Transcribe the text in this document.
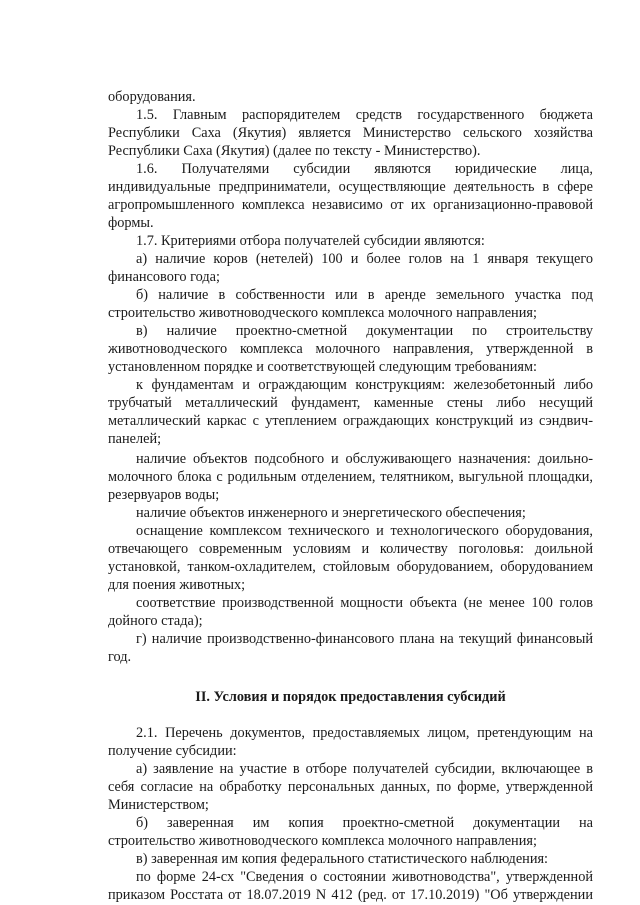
оборудования.
1.5. Главным распорядителем средств государственного бюджета
Республики Саха (Якутия) является Министерство сельского хозяйства
Республики Саха (Якутия) (далее по тексту - Министерство).
1.6. Получателями субсидии являются юридические лица,
индивидуальные предприниматели, осуществляющие деятельность в сфере
агропромышленного комплекса независимо от их организационно-правовой
формы.
1.7. Критериями отбора получателей субсидии являются:
а) наличие коров (нетелей) 100 и более голов на 1 января текущего
финансового года;
б) наличие в собственности или в аренде земельного участка под
строительство животноводческого комплекса молочного направления;
в) наличие проектно-сметной документации по строительству
животноводческого комплекса молочного направления, утвержденной в
установленном порядке и соответствующей следующим требованиям:
к фундаментам и ограждающим конструкциям: железобетонный либо
трубчатый металлический фундамент, каменные стены либо несущий
металлический каркас с утеплением ограждающих конструкций из сэндвич-
панелей;
наличие объектов подсобного и обслуживающего назначения: доильно-
молочного блока с родильным отделением, телятником, выгульной площадки,
резервуаров воды;
наличие объектов инженерного и энергетического обеспечения;
оснащение комплексом технического и технологического оборудования,
отвечающего современным условиям и количеству поголовья: доильной
установкой, танком-охладителем, стойловым оборудованием, оборудованием
для поения животных;
соответствие производственной мощности объекта (не менее 100 голов
дойного стада);
г) наличие производственно-финансового плана на текущий финансовый
год.
II. Условия и порядок предоставления субсидий
2.1. Перечень документов, предоставляемых лицом, претендующим на
получение субсидии:
а) заявление на участие в отборе получателей субсидии, включающее в
себя согласие на обработку персональных данных, по форме, утвержденной
Министерством;
б) заверенная им копия проектно-сметной документации на
строительство животноводческого комплекса молочного направления;
в) заверенная им копия федерального статистического наблюдения:
по форме 24-сх "Сведения о состоянии животноводства", утвержденной
приказом Росстата от 18.07.2019 N 412 (ред. от 17.10.2019) "Об утверждении
